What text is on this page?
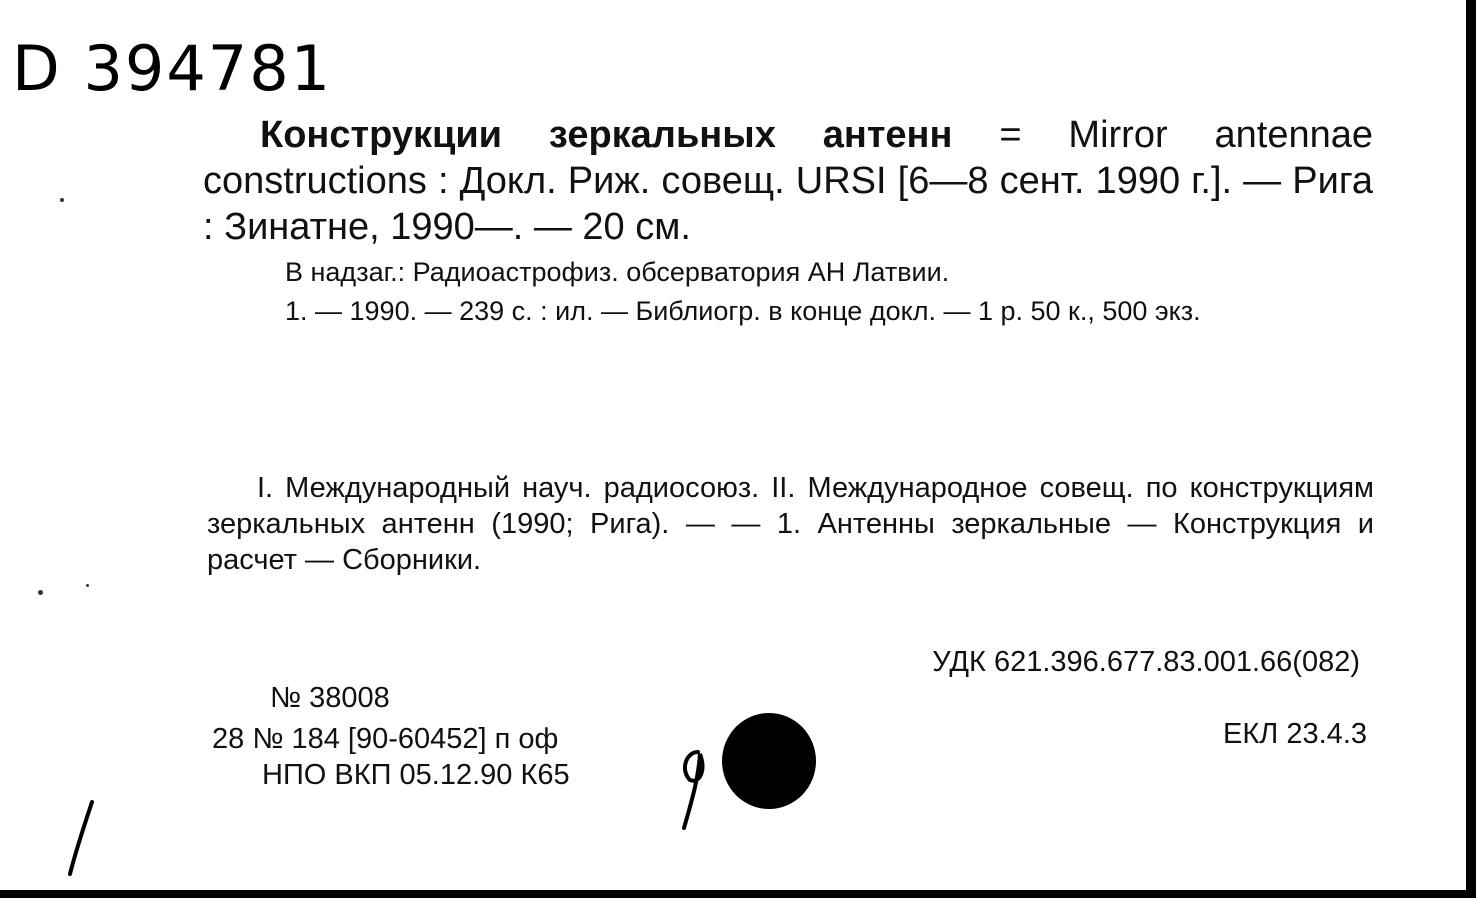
D 394781
Конструкции зеркальных антенн = Mirror antennae constructions : Докл. Риж. совещ. URSI [6—8 сент. 1990 г.]. — Рига : Зинатне, 1990—. — 20 см.
В надзаг.: Радиоастрофиз. обсерватория АН Латвии.
1. — 1990. — 239 с. : ил. — Библиогр. в конце докл. — 1 р. 50 к., 500 экз.
I. Международный науч. радиосоюз. II. Международное совещ. по конструкциям зеркальных антенн (1990; Рига). — — 1. Антенны зеркальные — Конструкция и расчет — Сборники.
УДК 621.396.677.83.001.66(082)
ЕКЛ 23.4.3
№ 38008
28 № 184 [90-60452] п оф
НПО ВКП 05.12.90 К65
